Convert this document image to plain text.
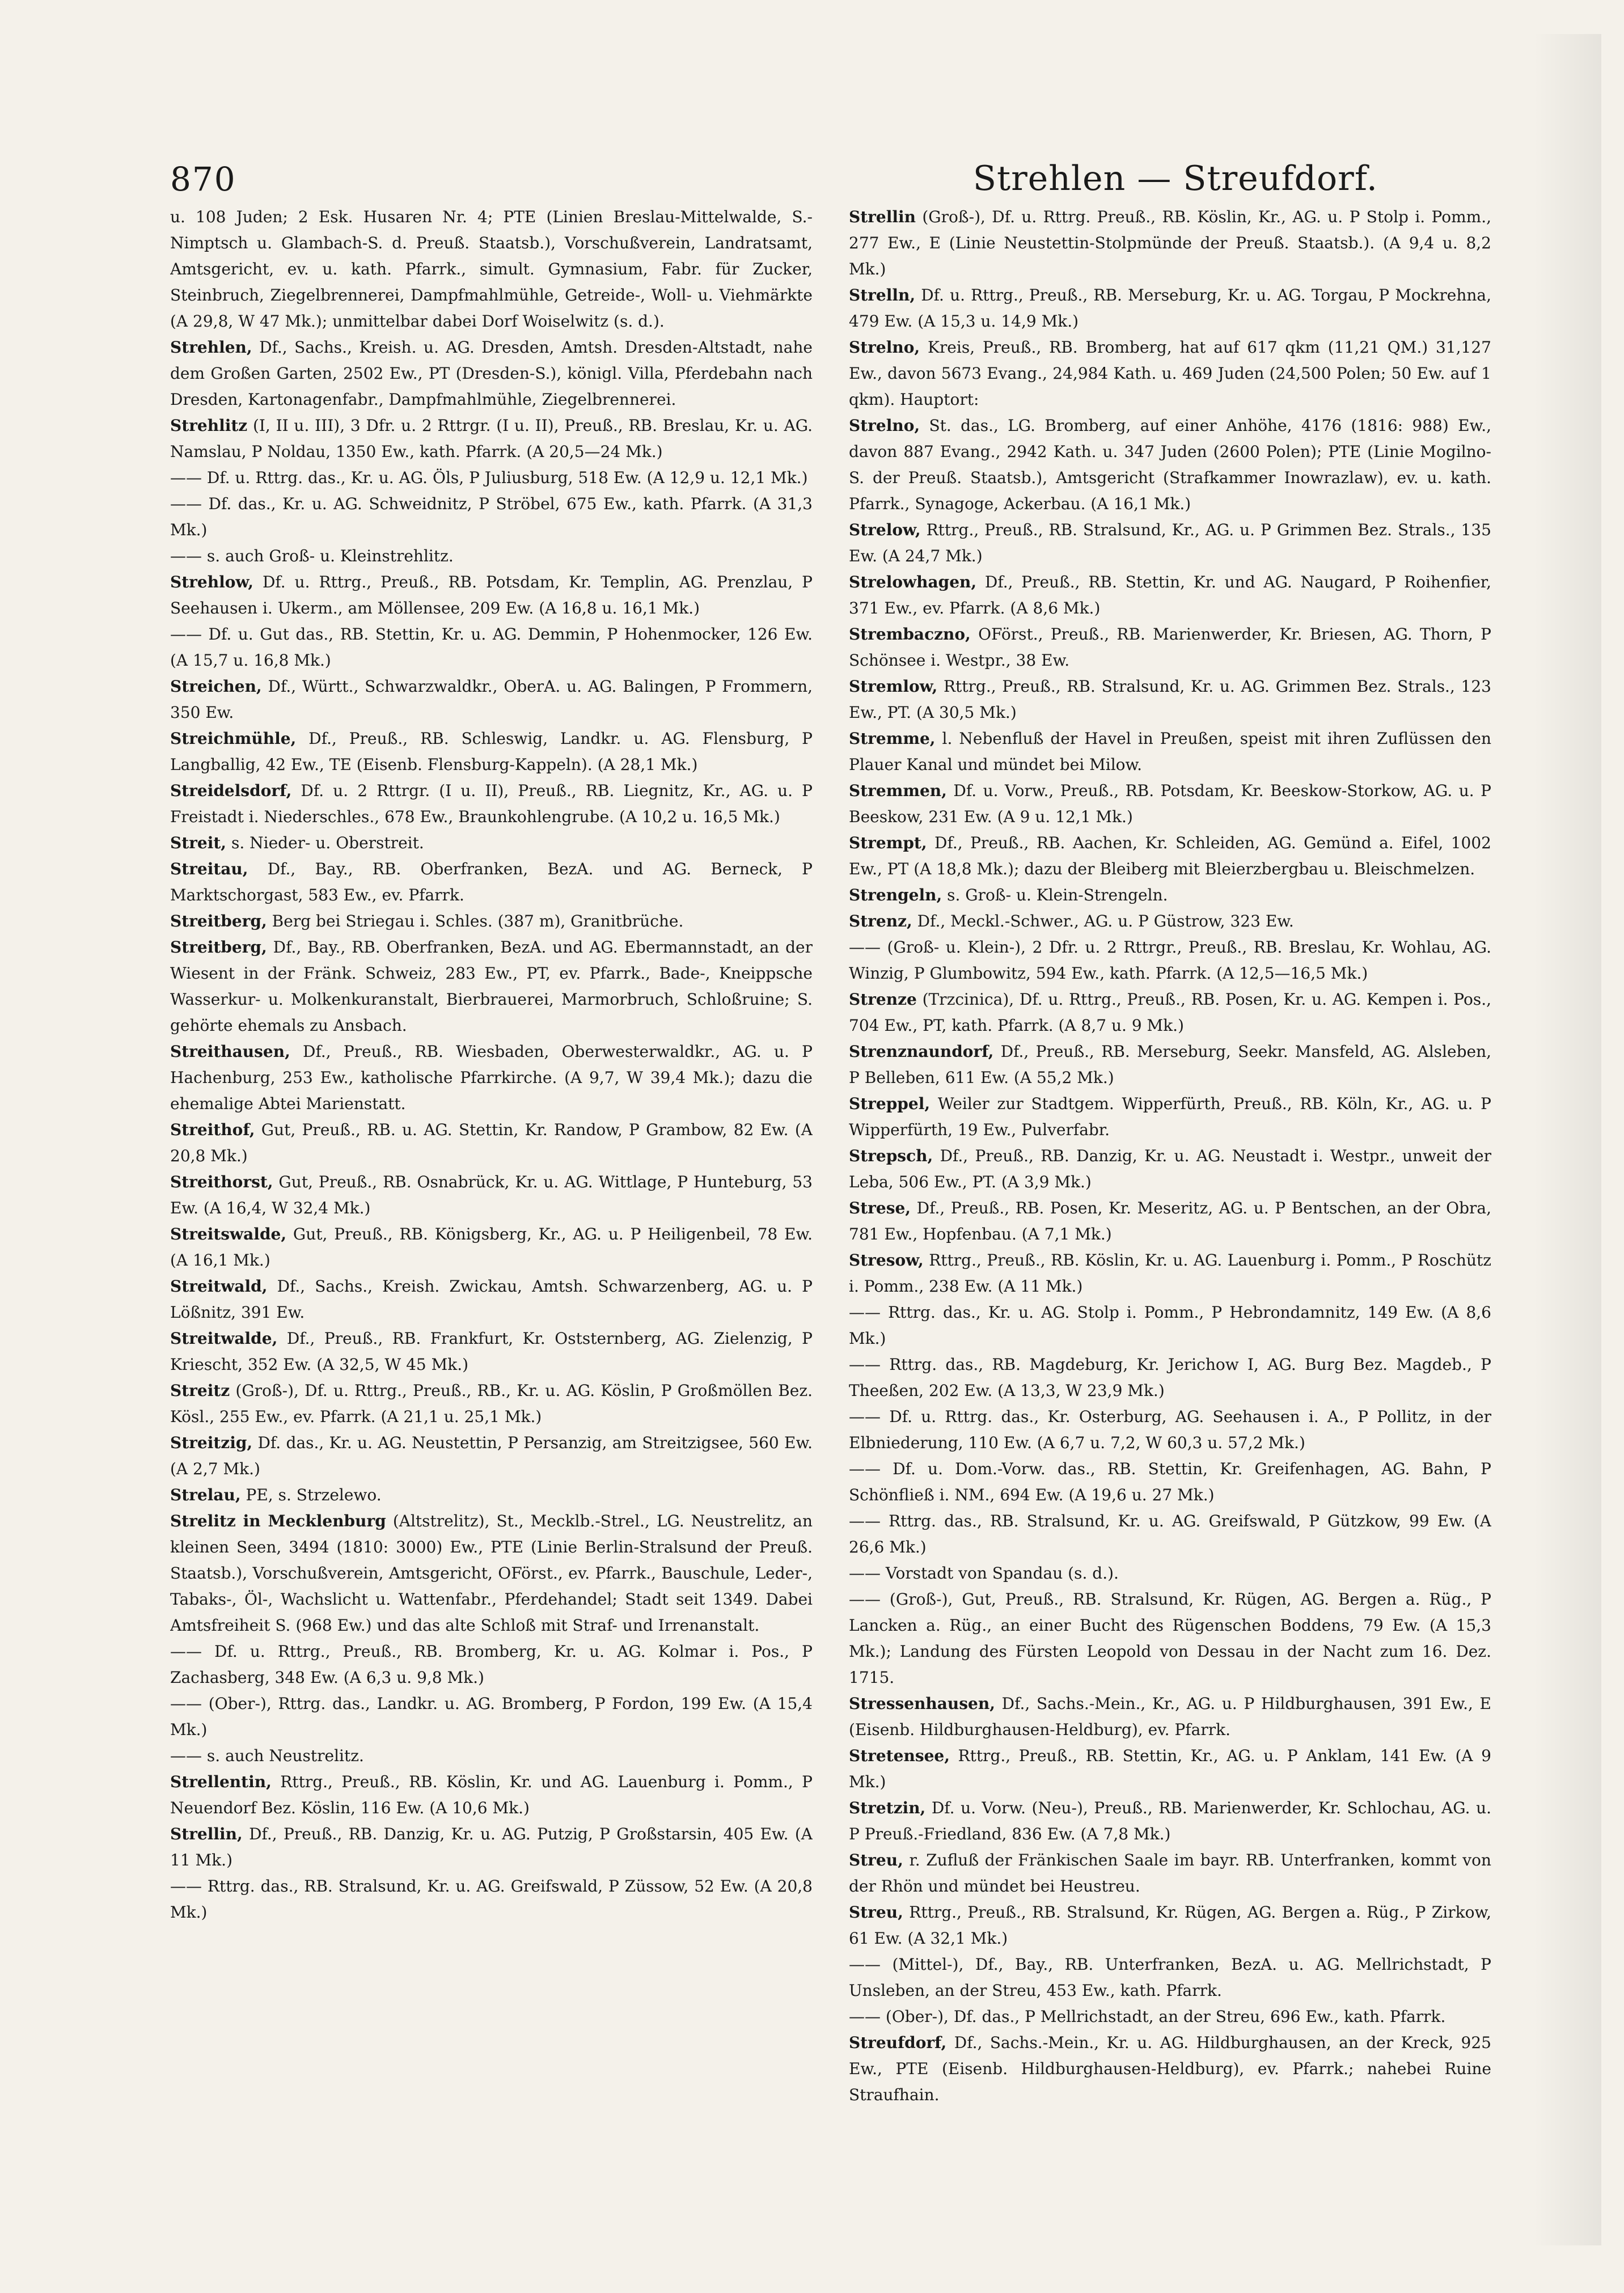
870	Strehlen — Streufdorf.

u. 108 Juden; 2 Esk. Husaren Nr. 4; PTE (Linien Breslau-Mittelwalde, S.-Nimptsch u. Glambach-S. d. Preuß. Staatsb.), Vorschußverein, Landratsamt, Amtsgericht, ev. u. kath. Pfarrk., simult. Gymnasium, Fabr. für Zucker, Steinbruch, Ziegelbrennerei, Dampfmahlmühle, Getreide-, Woll- u. Viehmärkte (A 29,8, W 47 Mk.); unmittelbar dabei Dorf Woiselwitz (s. d.).

Strehlen, Df., Sachs., Kreish. u. AG. Dresden, Amtsh. Dresden-Altstadt, nahe dem Großen Garten, 2502 Ew., PT (Dresden-S.), königl. Villa, Pferdebahn nach Dresden, Kartonagenfabr., Dampfmahlmühle, Ziegelbrennerei.

Strehlitz (I, II u. III), 3 Dfr. u. 2 Rttrgr. (I u. II), Preuß., RB. Breslau, Kr. u. AG. Namslau, P Noldau, 1350 Ew., kath. Pfarrk. (A 20,5—24 Mk.)

—— Df. u. Rttrg. das., Kr. u. AG. Öls, P Juliusburg, 518 Ew. (A 12,9 u. 12,1 Mk.)

—— Df. das., Kr. u. AG. Schweidnitz, P Ströbel, 675 Ew., kath. Pfarrk. (A 31,3 Mk.)

—— s. auch Groß- u. Kleinstrehlitz.

Strehlow, Df. u. Rttrg., Preuß., RB. Potsdam, Kr. Templin, AG. Prenzlau, P Seehausen i. Ukerm., am Möllensee, 209 Ew. (A 16,8 u. 16,1 Mk.)

—— Df. u. Gut das., RB. Stettin, Kr. u. AG. Demmin, P Hohenmocker, 126 Ew. (A 15,7 u. 16,8 Mk.)

Streichen, Df., Württ., Schwarzwaldkr., OberA. u. AG. Balingen, P Frommern, 350 Ew.

Streichmühle, Df., Preuß., RB. Schleswig, Landkr. u. AG. Flensburg, P Langballig, 42 Ew., TE (Eisenb. Flensburg-Kappeln). (A 28,1 Mk.)

Streidelsdorf, Df. u. 2 Rttrgr. (I u. II), Preuß., RB. Liegnitz, Kr., AG. u. P Freistadt i. Niederschles., 678 Ew., Braunkohlengrube. (A 10,2 u. 16,5 Mk.)

Streit, s. Nieder- u. Oberstreit.

Streitau, Df., Bay., RB. Oberfranken, BezA. und AG. Berneck, P Marktschorgast, 583 Ew., ev. Pfarrk.

Streitberg, Berg bei Striegau i. Schles. (387 m), Granitbrüche.

Streitberg, Df., Bay., RB. Oberfranken, BezA. und AG. Ebermannstadt, an der Wiesent in der Fränk. Schweiz, 283 Ew., PT, ev. Pfarrk., Bade-, Kneippsche Wasserkur- u. Molkenkuranstalt, Bierbrauerei, Marmorbruch, Schloßruine; S. gehörte ehemals zu Ansbach.

Streithausen, Df., Preuß., RB. Wiesbaden, Oberwesterwaldkr., AG. u. P Hachenburg, 253 Ew., katholische Pfarrkirche. (A 9,7, W 39,4 Mk.); dazu die ehemalige Abtei Marienstatt.

Streithof, Gut, Preuß., RB. u. AG. Stettin, Kr. Randow, P Grambow, 82 Ew. (A 20,8 Mk.)

Streithorst, Gut, Preuß., RB. Osnabrück, Kr. u. AG. Wittlage, P Hunteburg, 53 Ew. (A 16,4, W 32,4 Mk.)

Streitswalde, Gut, Preuß., RB. Königsberg, Kr., AG. u. P Heiligenbeil, 78 Ew. (A 16,1 Mk.)

Streitwald, Df., Sachs., Kreish. Zwickau, Amtsh. Schwarzenberg, AG. u. P Lößnitz, 391 Ew.

Streitwalde, Df., Preuß., RB. Frankfurt, Kr. Oststernberg, AG. Zielenzig, P Kriescht, 352 Ew. (A 32,5, W 45 Mk.)

Streitz (Groß-), Df. u. Rttrg., Preuß., RB., Kr. u. AG. Köslin, P Großmöllen Bez. Kösl., 255 Ew., ev. Pfarrk. (A 21,1 u. 25,1 Mk.)

Streitzig, Df. das., Kr. u. AG. Neustettin, P Persanzig, am Streitzigsee, 560 Ew. (A 2,7 Mk.)

Strelau, PE, s. Strzelewo.

Strelitz in Mecklenburg (Altstrelitz), St., Mecklb.-Strel., LG. Neustrelitz, an kleinen Seen, 3494 (1810: 3000) Ew., PTE (Linie Berlin-Stralsund der Preuß. Staatsb.), Vorschußverein, Amtsgericht, OFörst., ev. Pfarrk., Bauschule, Leder-, Tabaks-, Öl-, Wachslicht u. Wattenfabr., Pferdehandel; Stadt seit 1349. Dabei Amtsfreiheit S. (968 Ew.) und das alte Schloß mit Straf- und Irrenanstalt.

—— Df. u. Rttrg., Preuß., RB. Bromberg, Kr. u. AG. Kolmar i. Pos., P Zachasberg, 348 Ew. (A 6,3 u. 9,8 Mk.)

—— (Ober-), Rttrg. das., Landkr. u. AG. Bromberg, P Fordon, 199 Ew. (A 15,4 Mk.)

—— s. auch Neustrelitz.

Strellentin, Rttrg., Preuß., RB. Köslin, Kr. und AG. Lauenburg i. Pomm., P Neuendorf Bez. Köslin, 116 Ew. (A 10,6 Mk.)

Strellin, Df., Preuß., RB. Danzig, Kr. u. AG. Putzig, P Großstarsin, 405 Ew. (A 11 Mk.)

—— Rttrg. das., RB. Stralsund, Kr. u. AG. Greifswald, P Züssow, 52 Ew. (A 20,8 Mk.)

Strellin (Groß-), Df. u. Rttrg. Preuß., RB. Köslin, Kr., AG. u. P Stolp i. Pomm., 277 Ew., E (Linie Neustettin-Stolpmünde der Preuß. Staatsb.). (A 9,4 u. 8,2 Mk.)

Strelln, Df. u. Rttrg., Preuß., RB. Merseburg, Kr. u. AG. Torgau, P Mockrehna, 479 Ew. (A 15,3 u. 14,9 Mk.)

Strelno, Kreis, Preuß., RB. Bromberg, hat auf 617 qkm (11,21 QM.) 31,127 Ew., davon 5673 Evang., 24,984 Kath. u. 469 Juden (24,500 Polen; 50 Ew. auf 1 qkm). Hauptort:

Strelno, St. das., LG. Bromberg, auf einer Anhöhe, 4176 (1816: 988) Ew., davon 887 Evang., 2942 Kath. u. 347 Juden (2600 Polen); PTE (Linie Mogilno-S. der Preuß. Staatsb.), Amtsgericht (Strafkammer Inowrazlaw), ev. u. kath. Pfarrk., Synagoge, Ackerbau. (A 16,1 Mk.)

Strelow, Rttrg., Preuß., RB. Stralsund, Kr., AG. u. P Grimmen Bez. Strals., 135 Ew. (A 24,7 Mk.)

Strelowhagen, Df., Preuß., RB. Stettin, Kr. und AG. Naugard, P Roihenfier, 371 Ew., ev. Pfarrk. (A 8,6 Mk.)

Strembaczno, OFörst., Preuß., RB. Marienwerder, Kr. Briesen, AG. Thorn, P Schönsee i. Westpr., 38 Ew.

Stremlow, Rttrg., Preuß., RB. Stralsund, Kr. u. AG. Grimmen Bez. Strals., 123 Ew., PT. (A 30,5 Mk.)

Stremme, l. Nebenfluß der Havel in Preußen, speist mit ihren Zuflüssen den Plauer Kanal und mündet bei Milow.

Stremmen, Df. u. Vorw., Preuß., RB. Potsdam, Kr. Beeskow-Storkow, AG. u. P Beeskow, 231 Ew. (A 9 u. 12,1 Mk.)

Strempt, Df., Preuß., RB. Aachen, Kr. Schleiden, AG. Gemünd a. Eifel, 1002 Ew., PT (A 18,8 Mk.); dazu der Bleiberg mit Bleierzbergbau u. Bleischmelzen.

Strengeln, s. Groß- u. Klein-Strengeln.

Strenz, Df., Meckl.-Schwer., AG. u. P Güstrow, 323 Ew.

—— (Groß- u. Klein-), 2 Dfr. u. 2 Rttrgr., Preuß., RB. Breslau, Kr. Wohlau, AG. Winzig, P Glumbowitz, 594 Ew., kath. Pfarrk. (A 12,5—16,5 Mk.)

Strenze (Trzcinica), Df. u. Rttrg., Preuß., RB. Posen, Kr. u. AG. Kempen i. Pos., 704 Ew., PT, kath. Pfarrk. (A 8,7 u. 9 Mk.)

Strenznaundorf, Df., Preuß., RB. Merseburg, Seekr. Mansfeld, AG. Alsleben, P Belleben, 611 Ew. (A 55,2 Mk.)

Streppel, Weiler zur Stadtgem. Wipperfürth, Preuß., RB. Köln, Kr., AG. u. P Wipperfürth, 19 Ew., Pulverfabr.

Strepsch, Df., Preuß., RB. Danzig, Kr. u. AG. Neustadt i. Westpr., unweit der Leba, 506 Ew., PT. (A 3,9 Mk.)

Strese, Df., Preuß., RB. Posen, Kr. Meseritz, AG. u. P Bentschen, an der Obra, 781 Ew., Hopfenbau. (A 7,1 Mk.)

Stresow, Rttrg., Preuß., RB. Köslin, Kr. u. AG. Lauenburg i. Pomm., P Roschütz i. Pomm., 238 Ew. (A 11 Mk.)

—— Rttrg. das., Kr. u. AG. Stolp i. Pomm., P Hebrondamnitz, 149 Ew. (A 8,6 Mk.)

—— Rttrg. das., RB. Magdeburg, Kr. Jerichow I, AG. Burg Bez. Magdeb., P Theeßen, 202 Ew. (A 13,3, W 23,9 Mk.)

—— Df. u. Rttrg. das., Kr. Osterburg, AG. Seehausen i. A., P Pollitz, in der Elbniederung, 110 Ew. (A 6,7 u. 7,2, W 60,3 u. 57,2 Mk.)

—— Df. u. Dom.-Vorw. das., RB. Stettin, Kr. Greifenhagen, AG. Bahn, P Schönfließ i. NM., 694 Ew. (A 19,6 u. 27 Mk.)

—— Rttrg. das., RB. Stralsund, Kr. u. AG. Greifswald, P Gützkow, 99 Ew. (A 26,6 Mk.)

—— Vorstadt von Spandau (s. d.).

—— (Groß-), Gut, Preuß., RB. Stralsund, Kr. Rügen, AG. Bergen a. Rüg., P Lancken a. Rüg., an einer Bucht des Rügenschen Boddens, 79 Ew. (A 15,3 Mk.); Landung des Fürsten Leopold von Dessau in der Nacht zum 16. Dez. 1715.

Stressenhausen, Df., Sachs.-Mein., Kr., AG. u. P Hildburghausen, 391 Ew., E (Eisenb. Hildburghausen-Heldburg), ev. Pfarrk.

Stretensee, Rttrg., Preuß., RB. Stettin, Kr., AG. u. P Anklam, 141 Ew. (A 9 Mk.)

Stretzin, Df. u. Vorw. (Neu-), Preuß., RB. Marienwerder, Kr. Schlochau, AG. u. P Preuß.-Friedland, 836 Ew. (A 7,8 Mk.)

Streu, r. Zufluß der Fränkischen Saale im bayr. RB. Unterfranken, kommt von der Rhön und mündet bei Heustreu.

Streu, Rttrg., Preuß., RB. Stralsund, Kr. Rügen, AG. Bergen a. Rüg., P Zirkow, 61 Ew. (A 32,1 Mk.)

—— (Mittel-), Df., Bay., RB. Unterfranken, BezA. u. AG. Mellrichstadt, P Unsleben, an der Streu, 453 Ew., kath. Pfarrk.

—— (Ober-), Df. das., P Mellrichstadt, an der Streu, 696 Ew., kath. Pfarrk.

Streufdorf, Df., Sachs.-Mein., Kr. u. AG. Hildburghausen, an der Kreck, 925 Ew., PTE (Eisenb. Hildburghausen-Heldburg), ev. Pfarrk.; nahebei Ruine Straufhain.
